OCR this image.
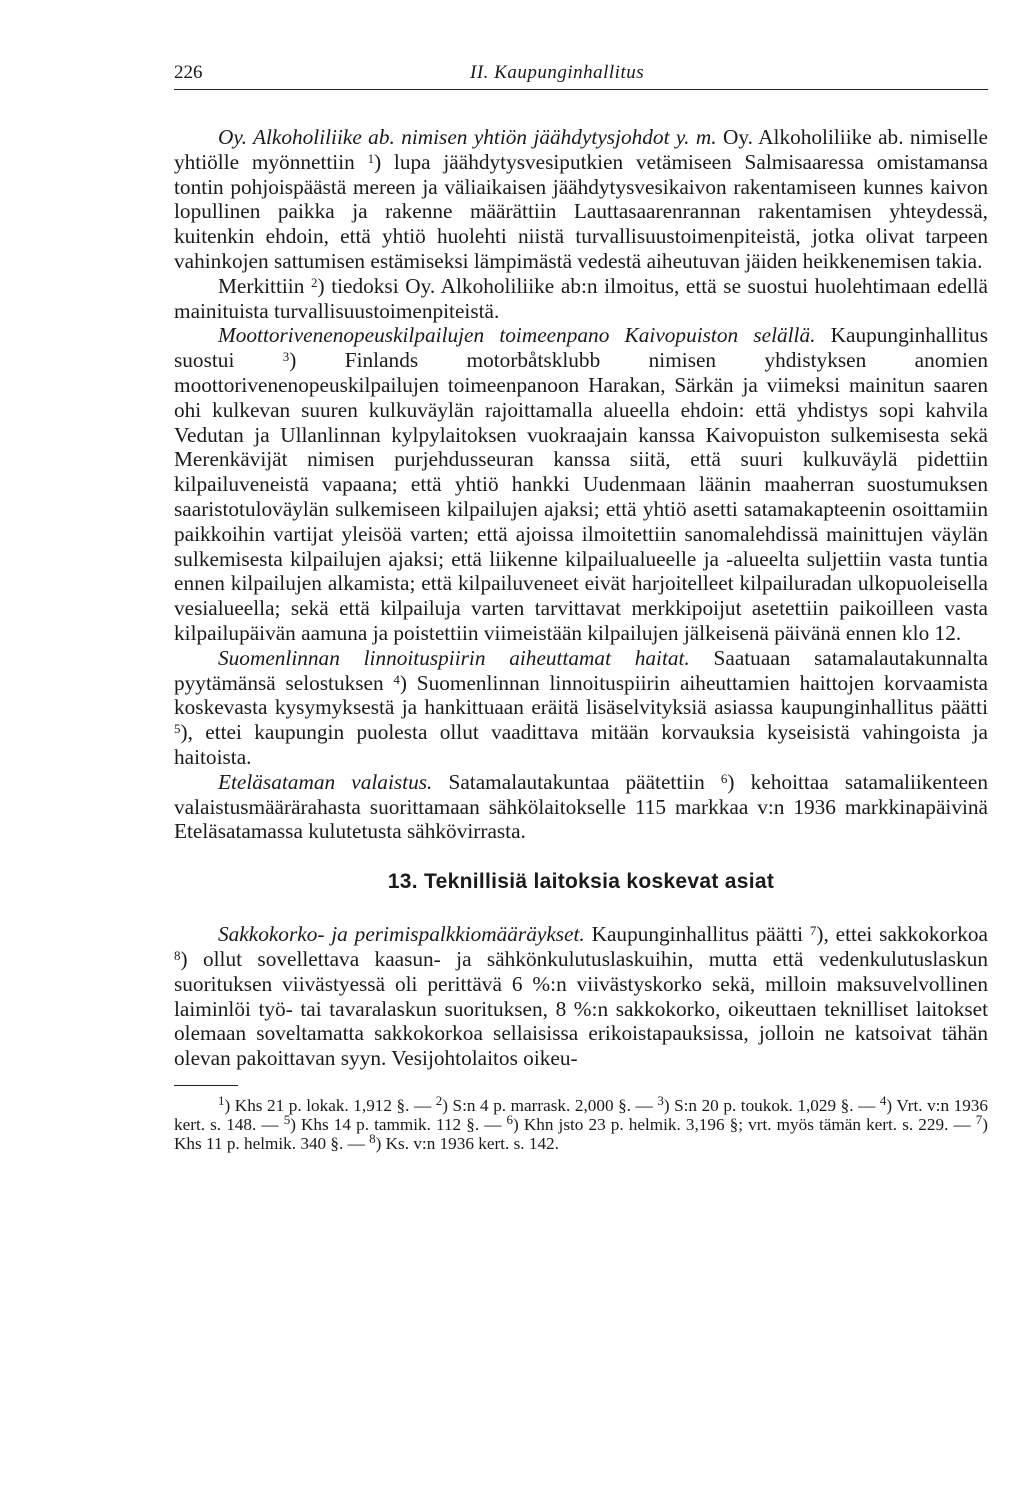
226	II. Kaupunginhallitus

Oy. Alkoholiliike ab. nimisen yhtiön jäähdytysjohdot y. m. Oy. Alkoholiliike ab. nimiselle yhtiölle myönnettiin $^1$) lupa jäähdytysvesiputkien vetämiseen Salmisaaressa omistamansa tontin pohjoispäästä mereen ja väliaikaisen jäähdytysvesikaivon rakentamiseen kunnes kaivon lopullinen paikka ja rakenne määrättiin Lauttasaarenrannan rakentamisen yhteydessä, kuitenkin ehdoin, että yhtiö huolehti niistä turvallisuustoimenpiteistä, jotka olivat tarpeen vahinkojen sattumisen estämiseksi lämpimästä vedestä aiheutuvan jäiden heikkenemisen takia.

Merkittiin $^2$) tiedoksi Oy. Alkoholiliike ab:n ilmoitus, että se suostui huolehtimaan edellä mainituista turvallisuustoimenpiteistä.

Moottorivenenopeuskilpailujen toimeenpano Kaivopuiston selällä. Kaupunginhallitus suostui $^3$) Finlands motorbåtsklubb nimisen yhdistyksen anomien moottorivenenopeuskilpailujen toimeenpanoon Harakan, Särkän ja viimeksi mainitun saaren ohi kulkevan suuren kulkuväylän rajoittamalla alueella ehdoin: että yhdistys sopi kahvila Vedutan ja Ullanlinnan kylpylaitoksen vuokraajain kanssa Kaivopuiston sulkemisesta sekä Merenkävijät nimisen purjehdusseuran kanssa siitä, että suuri kulkuväylä pidettiin kilpailuveneistä vapaana; että yhtiö hankki Uudenmaan läänin maaherran suostumuksen saaristotuloväylän sulkemiseen kilpailujen ajaksi; että yhtiö asetti satamakapteenin osoittamiin paikkoihin vartijat yleisöä varten; että ajoissa ilmoitettiin sanomalehdissä mainittujen väylän sulkemisesta kilpailujen ajaksi; että liikenne kilpailualueelle ja -alueelta suljettiin vasta tuntia ennen kilpailujen alkamista; että kilpailuveneet eivät harjoitelleet kilpailuradan ulkopuoleisella vesialueella; sekä että kilpailuja varten tarvittavat merkkipoijut asetettiin paikoilleen vasta kilpailupäivän aamuna ja poistettiin viimeistään kilpailujen jälkeisenä päivänä ennen klo 12.

Suomenlinnan linnoituspiirin aiheuttamat haitat. Saatuaan satamalautakunnalta pyytämänsä selostuksen $^4$) Suomenlinnan linnoituspiirin aiheuttamien haittojen korvaamista koskevasta kysymyksestä ja hankittuaan eräitä lisäselvityksiä asiassa kaupunginhallitus päätti $^5$), ettei kaupungin puolesta ollut vaadittava mitään korvauksia kyseisistä vahingoista ja haitoista.

Eteläsataman valaistus. Satamalautakuntaa päätettiin $^6$) kehoittaa satamaliikenteen valaistusmäärärahasta suorittamaan sähkölaitokselle 115 markkaa v:n 1936 markkinapäivinä Eteläsatamassa kulutetusta sähkövirrasta.

13. Teknillisiä laitoksia koskevat asiat

Sakkokorko- ja perimispalkkiomääräykset. Kaupunginhallitus päätti $^7$), ettei sakkokorkoa $^8$) ollut sovellettava kaasun- ja sähkönkulutuslaskuihin, mutta että vedenkulutuslaskun suorituksen viivästyessä oli perittävä 6 %:n viivästyskorko sekä, milloin maksuvelvollinen laiminlöi työ- tai tavaralaskun suorituksen, 8 %:n sakkokorko, oikeuttaen teknilliset laitokset olemaan soveltamatta sakkokorkoa sellaisissa erikoistapauksissa, jolloin ne katsoivat tähän olevan pakoittavan syyn. Vesijohtolaitos oikeu-

$^1$) Khs 21 p. lokak. 1,912 §. — $^2$) S:n 4 p. marrask. 2,000 §. — $^3$) S:n 20 p. toukok. 1,029 §. — $^4$) Vrt. v:n 1936 kert. s. 148. — $^5$) Khs 14 p. tammik. 112 §. — $^6$) Khn jsto 23 p. helmik. 3,196 §; vrt. myös tämän kert. s. 229. — $^7$) Khs 11 p. helmik. 340 §. — $^8$) Ks. v:n 1936 kert. s. 142.
